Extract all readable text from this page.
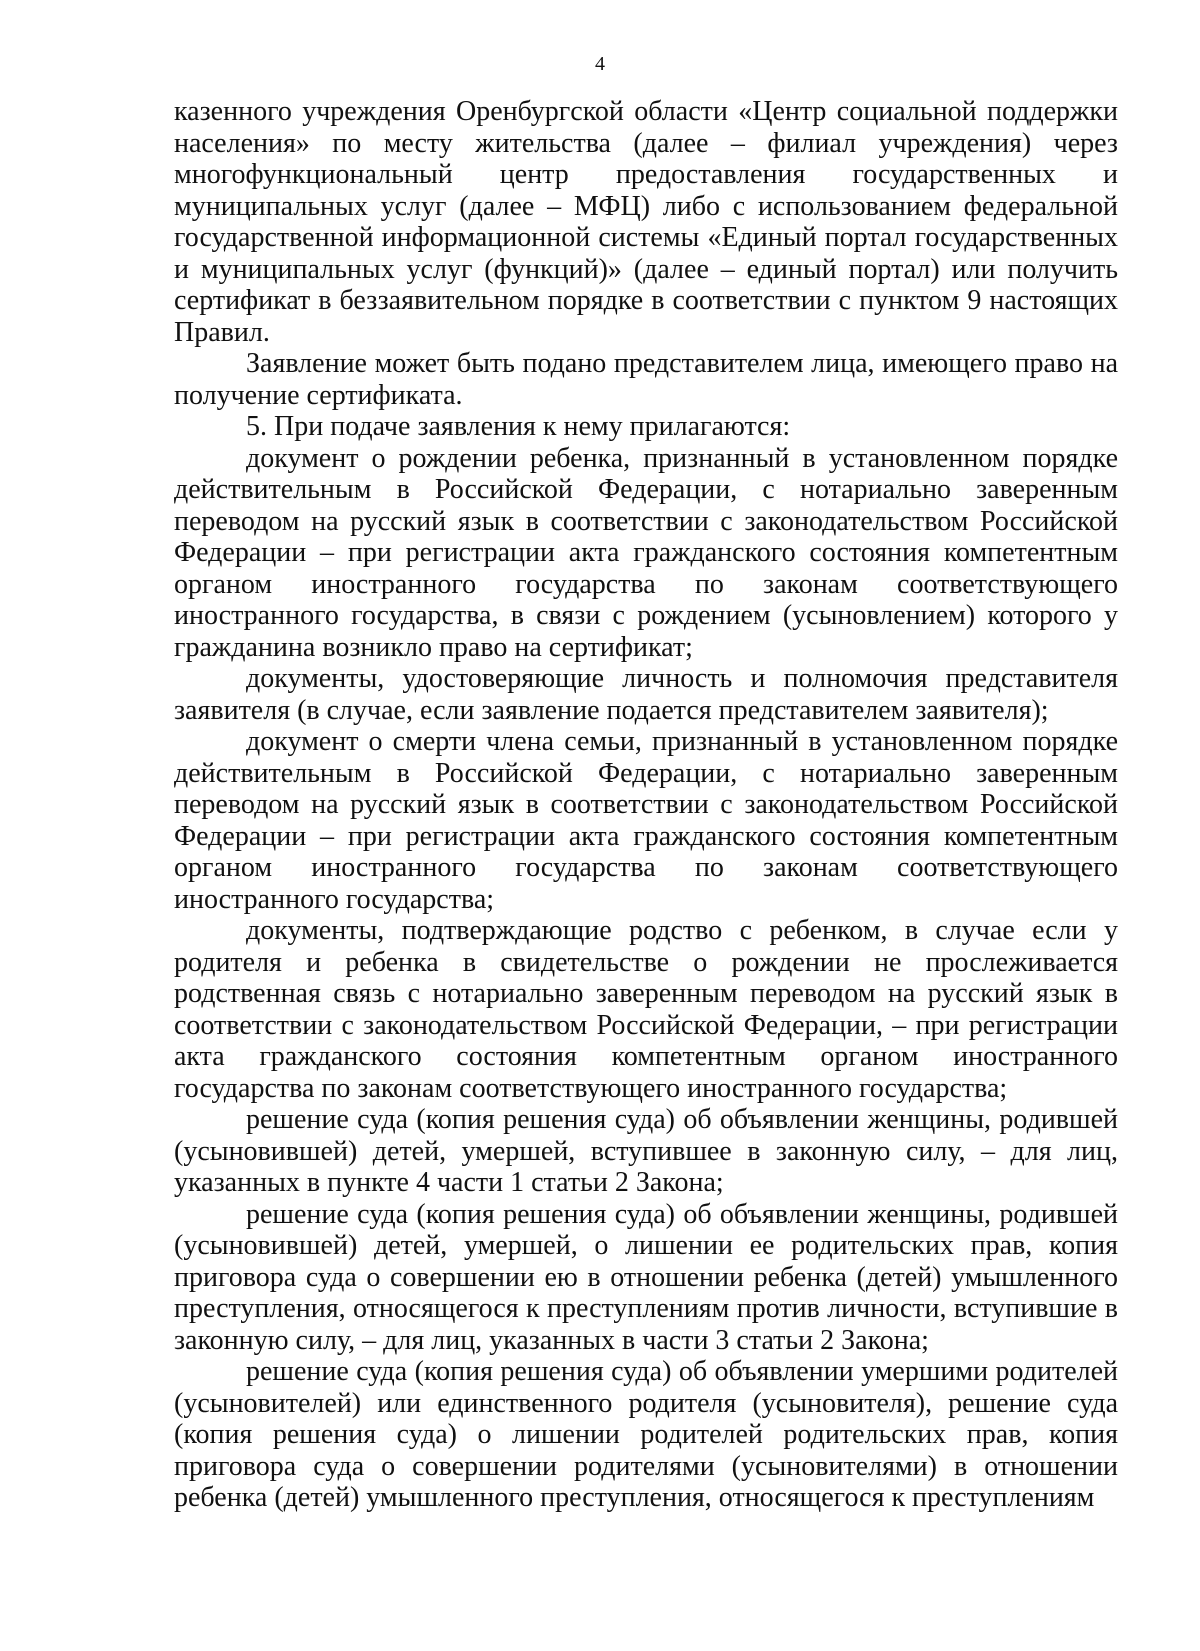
4

казенного учреждения Оренбургской области «Центр социальной поддержки населения» по месту жительства (далее – филиал учреждения) через многофункциональный центр предоставления государственных и муниципальных услуг (далее – МФЦ) либо с использованием федеральной государственной информационной системы «Единый портал государственных и муниципальных услуг (функций)» (далее – единый портал) или получить сертификат в беззаявительном порядке в соответствии с пунктом 9 настоящих Правил.

Заявление может быть подано представителем лица, имеющего право на получение сертификата.

5. При подаче заявления к нему прилагаются:

документ о рождении ребенка, признанный в установленном порядке действительным в Российской Федерации, с нотариально заверенным переводом на русский язык в соответствии с законодательством Российской Федерации – при регистрации акта гражданского состояния компетентным органом иностранного государства по законам соответствующего иностранного государства, в связи с рождением (усыновлением) которого у гражданина возникло право на сертификат;

документы, удостоверяющие личность и полномочия представителя заявителя (в случае, если заявление подается представителем заявителя);

документ о смерти члена семьи, признанный в установленном порядке действительным в Российской Федерации, с нотариально заверенным переводом на русский язык в соответствии с законодательством Российской Федерации – при регистрации акта гражданского состояния компетентным органом иностранного государства по законам соответствующего иностранного государства;

документы, подтверждающие родство с ребенком, в случае если у родителя и ребенка в свидетельстве о рождении не прослеживается родственная связь с нотариально заверенным переводом на русский язык в соответствии с законодательством Российской Федерации, – при регистрации акта гражданского состояния компетентным органом иностранного государства по законам соответствующего иностранного государства;

решение суда (копия решения суда) об объявлении женщины, родившей (усыновившей) детей, умершей, вступившее в законную силу, – для лиц, указанных в пункте 4 части 1 статьи 2 Закона;

решение суда (копия решения суда) об объявлении женщины, родившей (усыновившей) детей, умершей, о лишении ее родительских прав, копия приговора суда о совершении ею в отношении ребенка (детей) умышленного преступления, относящегося к преступлениям против личности, вступившие в законную силу, – для лиц, указанных в части 3 статьи 2 Закона;

решение суда (копия решения суда) об объявлении умершими родителей (усыновителей) или единственного родителя (усыновителя), решение суда (копия решения суда) о лишении родителей родительских прав, копия приговора суда о совершении родителями (усыновителями) в отношении ребенка (детей) умышленного преступления, относящегося к преступлениям
